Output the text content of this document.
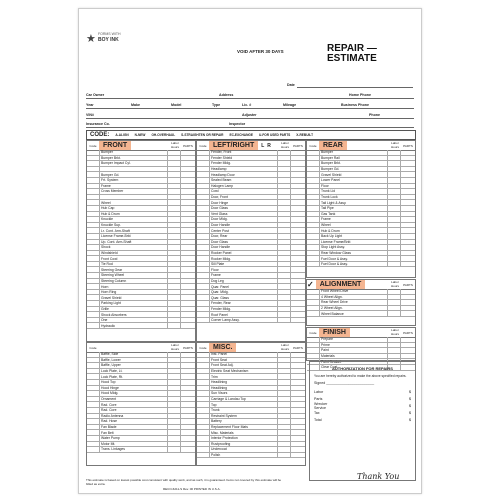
★ FORMS WITH
BOY INK
VOID AFTER 30 DAYS	REPAIR —
ESTIMATE
Date
Car Owner	Address	Home Phone
Year	Make	Model	Type	Lic. #	Mileage	Business Phone
VIN#	Adjuster	Phone
Insurance Co.	Inspector
CODE: A-ALIGN N-NEW OH-OVERHAUL S-STRAIGHTEN OR REPAIR EC-EXCHANGE U-FOR USED PARTS X-REBUILT
Code FRONT	Labor Hours	PARTS
Bumper
Bumper Brkt.
Bumper Impact Cyl.
Bumper Gd.
Frt. System
Frame
Cross Member
Wheel
Hub Cap
Hub & Drum
Knuckle
Knuckle Sup.
Lr. Cont. Arm-Shaft
License Frame-Brkt
Up. Cont. Arm-Shaft
Shock
Windshield
Front Cowl
Tie Rod
Steering Gear
Steering Wheel
Steering Column
Horn
Horn Ring
Gravel Shield
Parking Light
Grille
Shock Absorbers
One
Hydraulic
Code LEFT/RIGHT	L R	Labor Hours	PARTS
Fender, Front
Fender Shield
Fender Mldg.
Headlamp
Headlamp Door
Sealed Beam
Halogen Lamp
Cowl
Door, Front
Door Hinge
Door Glass
Vent Glass
Door Mldg.
Door Handle
Center Post
Door, Rear
Door Glass
Door Handle
Rocker Panel
Rocker Mldg.
Sill Plate
Floor
Frame
Dog Leg
Quar. Panel
Quar. Mldg.
Quar. Glass
Fender, Rear
Fender Mldg.
Roof Panel
Corner Lamp Assy.
Code REAR	Labor Hours	PARTS
Bumper
Bumper Rail
Bumper Brkt.
Bumper Gd.
Gravel Shield
Lower Panel
Floor
Trunk Lid
Trunk Lock
Tail Light & Assy.
Tail Pipe
Gas Tank
Frame
Wheel
Hub & Drum
Back Up Light
License Frame/Brkt
Stop Light Assy.
Rear Window Glass
Fuel Door & Assy.
Fuel Door & Assy.
✓ ALIGNMENT	Labor Hours	PARTS
Front Wheel Drive
4 Wheel Align.
Rear Wheel Drive
2 Wheel Align.
Wheel Balance
Code
Labor Hours	PARTS
Baffle, Side
Baffle, Lower
Baffle, Upper
Lock Plate, Lt.
Lock Plate, Rt.
Hood Top
Hood Hinge
Hood Mldg.
Ornament
Rad. Core
Rad. Core
Radio Antenna
Rad. Hose
Fan Blade
Fan Belt
Water Pump
Motor Mt.
Trans. Linkages
Code MISC.	Labor Hours	PARTS
Inst. Panel
Front Seat
Front Seat Adj.
Electric Seat Mechanism
Trim
Headlining
Headlining
Sun Visors
Carriage & Landau Top
Top
Trunk
Restraint System
Battery
Replacement Floor Mats
Misc. Materials
Interior Protection
Rustproofing
Undercoat
Polish
Code FINISH	Labor Hours	PARTS
Prepare
Prime
Paint
Materials
Paint Sealant
Clear Coat
AUTHORIZATION FOR REPAIRS
You are hereby authorized to make the above specified repairs.
Signed ________________________
Labor	$
Parts	$
Wrecker Service	$
Tax	$
Total	$
Thank You
This estimate is based on lowest possible cost consistent with quality work, and as such, it is guaranteed. Items not covered by this estimate will be billed as extra.
RECO-6211-S Rev. 00 PRINTED IN U.S.A.
